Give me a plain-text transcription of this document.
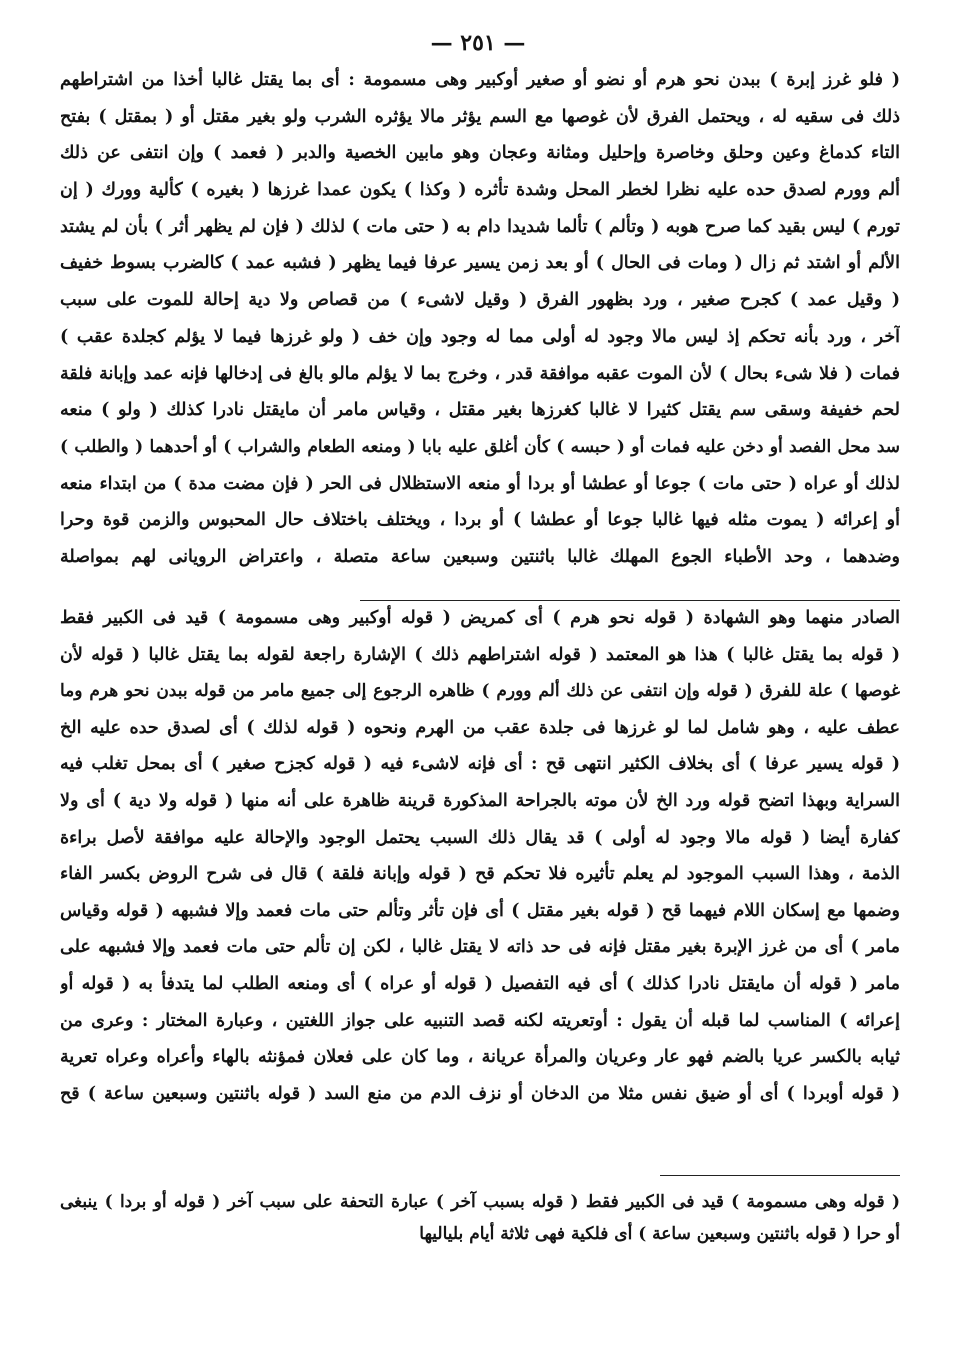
— ٢٥١ —
( فلو غرز إبرة ) ببدن نحو هرم أو نضو أو صغير أوكبير وهى مسمومة : أى بما يقتل غالبا أخذا من اشتراطهم
ذلك فى سقيه له ، ويحتمل الفرق لأن غوصها مع السم يؤثر مالا يؤثره الشرب ولو بغير مقتل أو ( بمقتل ) بفتح
التاء كدماغ وعين وحلق وخاصرة وإحليل ومثانة وعجان وهو مابين الخصية والدبر ( فعمد ) وإن انتفى عن ذلك
ألم وورم لصدق حده عليه نظرا لخطر المحل وشدة تأثره ( وكذا ) يكون عمدا غرزها ( بغيره ) كألية وورك ( إن
تورم ) ليس بقيد كما صرح هوبه ( وتألم ) تألما شديدا دام به ( حتى مات ) لذلك ( فإن لم يظهر أثر ) بأن لم يشتد
الألم أو اشتد ثم زال ( ومات فى الحال ) أو بعد زمن يسير عرفا فيما يظهر ( فشبه عمد ) كالضرب بسوط خفيف
( وقيل عمد ) كجرح صغير ، ورد بظهور الفرق ( وقيل لاشىء ) من قصاص ولا دية إحالة للموت على سبب
آخر ، ورد بأنه تحكم إذ ليس مالا وجود له أولى مما له وجود وإن خف ( ولو غرزها فيما لا يؤلم كجلدة عقب )
فمات ( فلا شىء بحال ) لأن الموت عقبه موافقة قدر ، وخرج بما لا يؤلم مالو بالغ فى إدخالها فإنه عمد وإبانة فلقة
لحم خفيفة وسقى سم يقتل كثيرا لا غالبا كغرزها بغير مقتل ، وقياس مامر أن مايقتل نادرا كذلك ( ولو ) منعه
سد محل الفصد أو دخن عليه فمات أو ( حبسه ) كأن أغلق عليه بابا ( ومنعه الطعام والشراب ) أو أحدهما ( والطلب )
لذلك أو عراه ( حتى مات ) جوعا أو عطشا أو بردا أو منعه الاستظلال فى الحر ( فإن مضت مدة ) من ابتداء منعه
أو إعرائه ( يموت مثله فيها غالبا جوعا أو عطشا ) أو بردا ، ويختلف باختلاف حال المحبوس والزمن قوة وحرا
وضدهما ، وحد الأطباء الجوع المهلك غالبا باثنتين وسبعين ساعة متصلة ، واعتراض الرويانى لهم بمواصلة
الصادر منهما وهو الشهادة ( قوله نحو هرم ) أى كمريض ( قوله أوكبير وهى مسمومة ) قيد فى الكبير فقط
( قوله بما يقتل غالبا ) هذا هو المعتمد ( قوله اشتراطهم ذلك ) الإشارة راجعة لقوله بما يقتل غالبا ( قوله لأن
غوصها ) علة للفرق ( قوله وإن انتفى عن ذلك ألم وورم ) ظاهره الرجوع إلى جميع مامر من قوله ببدن نحو هرم وما
عطف عليه ، وهو شامل لما لو غرزها فى جلدة عقب من الهرم ونحوه ( قوله لذلك ) أى لصدق حده عليه الخ
( قوله يسير عرفا ) أى بخلاف الكثير انتهى قح : أى فإنه لاشىء فيه ( قوله كجزح صغير ) أى بمحل تغلب فيه
السراية وبهذا اتضح قوله ورد الخ لأن موته بالجراحة المذكورة قرينة ظاهرة على أنه منها ( قوله ولا دية ) أى ولا
كفارة أيضا ( قوله مالا وجود له أولى ) قد يقال ذلك السبب يحتمل الوجود والإحالة عليه موافقة لأصل براءة
الذمة ، وهذا السبب الموجود لم يعلم تأثيره فلا تحكم قح ( قوله وإبانة فلقة ) قال فى شرح الروض بكسر الفاء
وضمها مع إسكان اللام فيهما قح ( قوله بغير مقتل ) أى فإن تأثر وتألم حتى مات فعمد وإلا فشبهه ( قوله وقياس
مامر ) أى من غرز الإبرة بغير مقتل فإنه فى حد ذاته لا يقتل غالبا ، لكن إن تألم حتى مات فعمد وإلا فشبهه على
مامر ( قوله أن مايقتل نادرا كذلك ) أى فيه التفصيل ( قوله أو عراه ) أى ومنعه الطلب لما يتدفأ به ( قوله أو
إعرائه ) المناسب لما قبله أن يقول : أوتعريته لكنه قصد التنبيه على جواز اللغتين ، وعبارة المختار : وعرى من
ثيابه بالكسر عريا بالضم فهو عار وعريان والمرأة عريانة ، وما كان على فعلان فمؤنثه بالهاء وأعراه وعراه تعرية
( قوله أوبردا ) أى أو ضيق نفس مثلا من الدخان أو نزف الدم من منع السد ( قوله باثنتين وسبعين ساعة ) قح
( قوله وهى مسمومة ) قيد فى الكبير فقط ( قوله بسبب آخر ) عبارة التحفة على سبب آخر ( قوله أو بردا ) ينبغى
أو حرا ( قوله باثنتين وسبعين ساعة ) أى فلكية فهى ثلاثة أيام بلياليها
